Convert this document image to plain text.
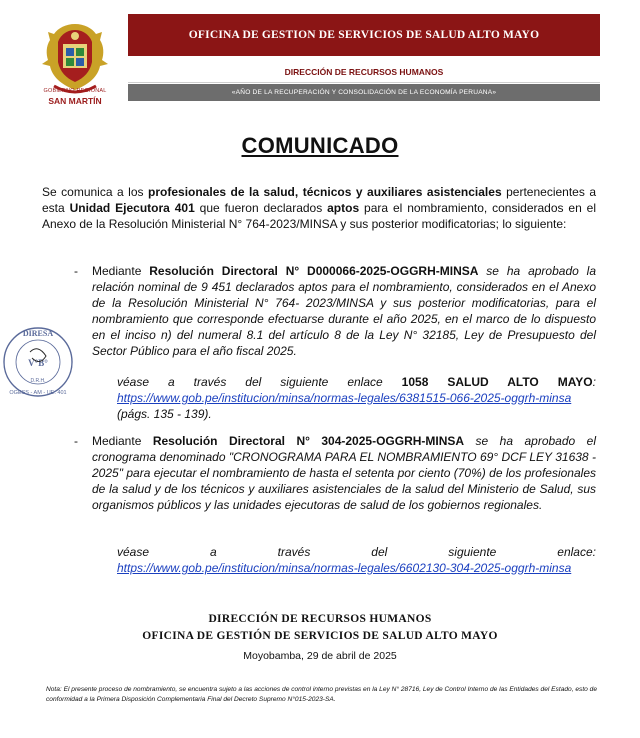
GOBIERNO REGIONAL
SAN MARTÍN
OFICINA DE GESTION DE SERVICIOS DE SALUD ALTO MAYO
DIRECCIÓN DE RECURSOS HUMANOS
«AÑO DE LA RECUPERACIÓN Y CONSOLIDACIÓN DE LA ECONOMÍA PERUANA»
COMUNICADO
Se comunica a los profesionales de la salud, técnicos y auxiliares asistenciales pertenecientes a esta Unidad Ejecutora 401 que fueron declarados aptos para el nombramiento, considerados en el Anexo de la Resolución Ministerial N° 764-2023/MINSA y sus posterior modificatorias; lo siguiente:
- Mediante Resolución Directoral N° D000066-2025-OGGRH-MINSA se ha aprobado la relación nominal de 9 451 declarados aptos para el nombramiento, considerados en el Anexo de la Resolución Ministerial N° 764- 2023/MINSA y sus posterior modificatorias, para el nombramiento que corresponde efectuarse durante el año 2025, en el marco de lo dispuesto en el inciso n) del numeral 8.1 del artículo 8 de la Ley N° 32185, Ley de Presupuesto del Sector Público para el año fiscal 2025.
véase a través del siguiente enlace 1058 SALUD ALTO MAYO: https://www.gob.pe/institucion/minsa/normas-legales/6381515-066-2025-oggrh-minsa (págs. 135 - 139).
DIRESA
V°B°
OGESS - AM - UE. 401
D.R.H.
- Mediante Resolución Directoral N° 304-2025-OGGRH-MINSA se ha aprobado el cronograma denominado "CRONOGRAMA PARA EL NOMBRAMIENTO 69° DCF LEY 31638 - 2025" para ejecutar el nombramiento de hasta el setenta por ciento (70%) de los profesionales de la salud y de los técnicos y auxiliares asistenciales de la salud del Ministerio de Salud, sus organismos públicos y las unidades ejecutoras de salud de los gobiernos regionales.
véase a través del siguiente enlace:
https://www.gob.pe/institucion/minsa/normas-legales/6602130-304-2025-oggrh-minsa
DIRECCIÓN DE RECURSOS HUMANOS
OFICINA DE GESTIÓN DE SERVICIOS DE SALUD ALTO MAYO
Moyobamba, 29 de abril de 2025
Nota: El presente proceso de nombramiento, se encuentra sujeto a las acciones de control interno previstas en la Ley N° 28716, Ley de Control Interno de las Entidades del Estado, esto de conformidad a la Primera Disposición Complementaria Final del Decreto Supremo N°015-2023-SA.
